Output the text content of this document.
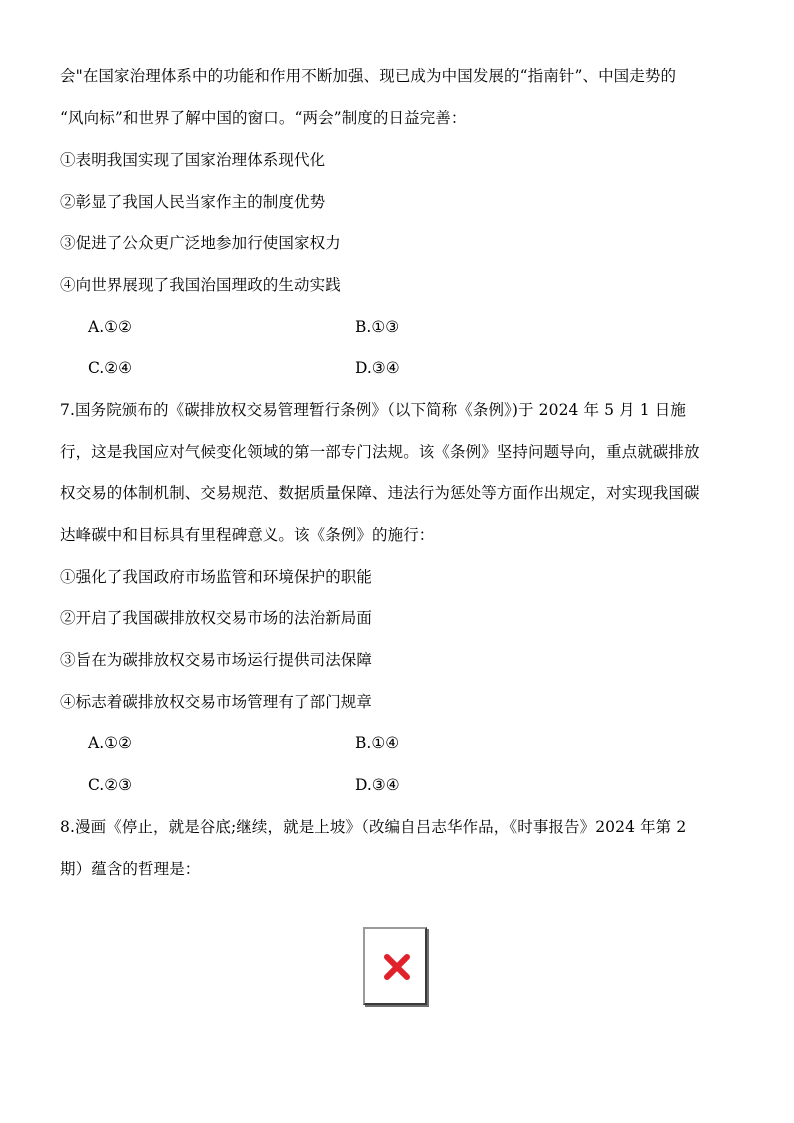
会"在国家治理体系中的功能和作用不断加强、现已成为中国发展的“指南针”、中国走势的
“风向标”和世界了解中国的窗口。“两会”制度的日益完善：
①表明我国实现了国家治理体系现代化
②彰显了我国人民当家作主的制度优势
③促进了公众更广泛地参加行使国家权力
④向世界展现了我国治国理政的生动实践
A.①②	B.①③
C.②④	D.③④
7.国务院颁布的《碳排放权交易管理暂行条例》（以下简称《条例》)于 2024 年 5 月 1 日施
行，这是我国应对气候变化领域的第一部专门法规。该《条例》坚持问题导向，重点就碳排放
权交易的体制机制、交易规范、数据质量保障、违法行为惩处等方面作出规定，对实现我国碳
达峰碳中和目标具有里程碑意义。该《条例》的施行：
①强化了我国政府市场监管和环境保护的职能
②开启了我国碳排放权交易市场的法治新局面
③旨在为碳排放权交易市场运行提供司法保障
④标志着碳排放权交易市场管理有了部门规章
A.①②	B.①④
C.②③	D.③④
8.漫画《停止，就是谷底;继续，就是上坡》（改编自吕志华作品，《时事报告》2024 年第 2
期）蕴含的哲理是：
